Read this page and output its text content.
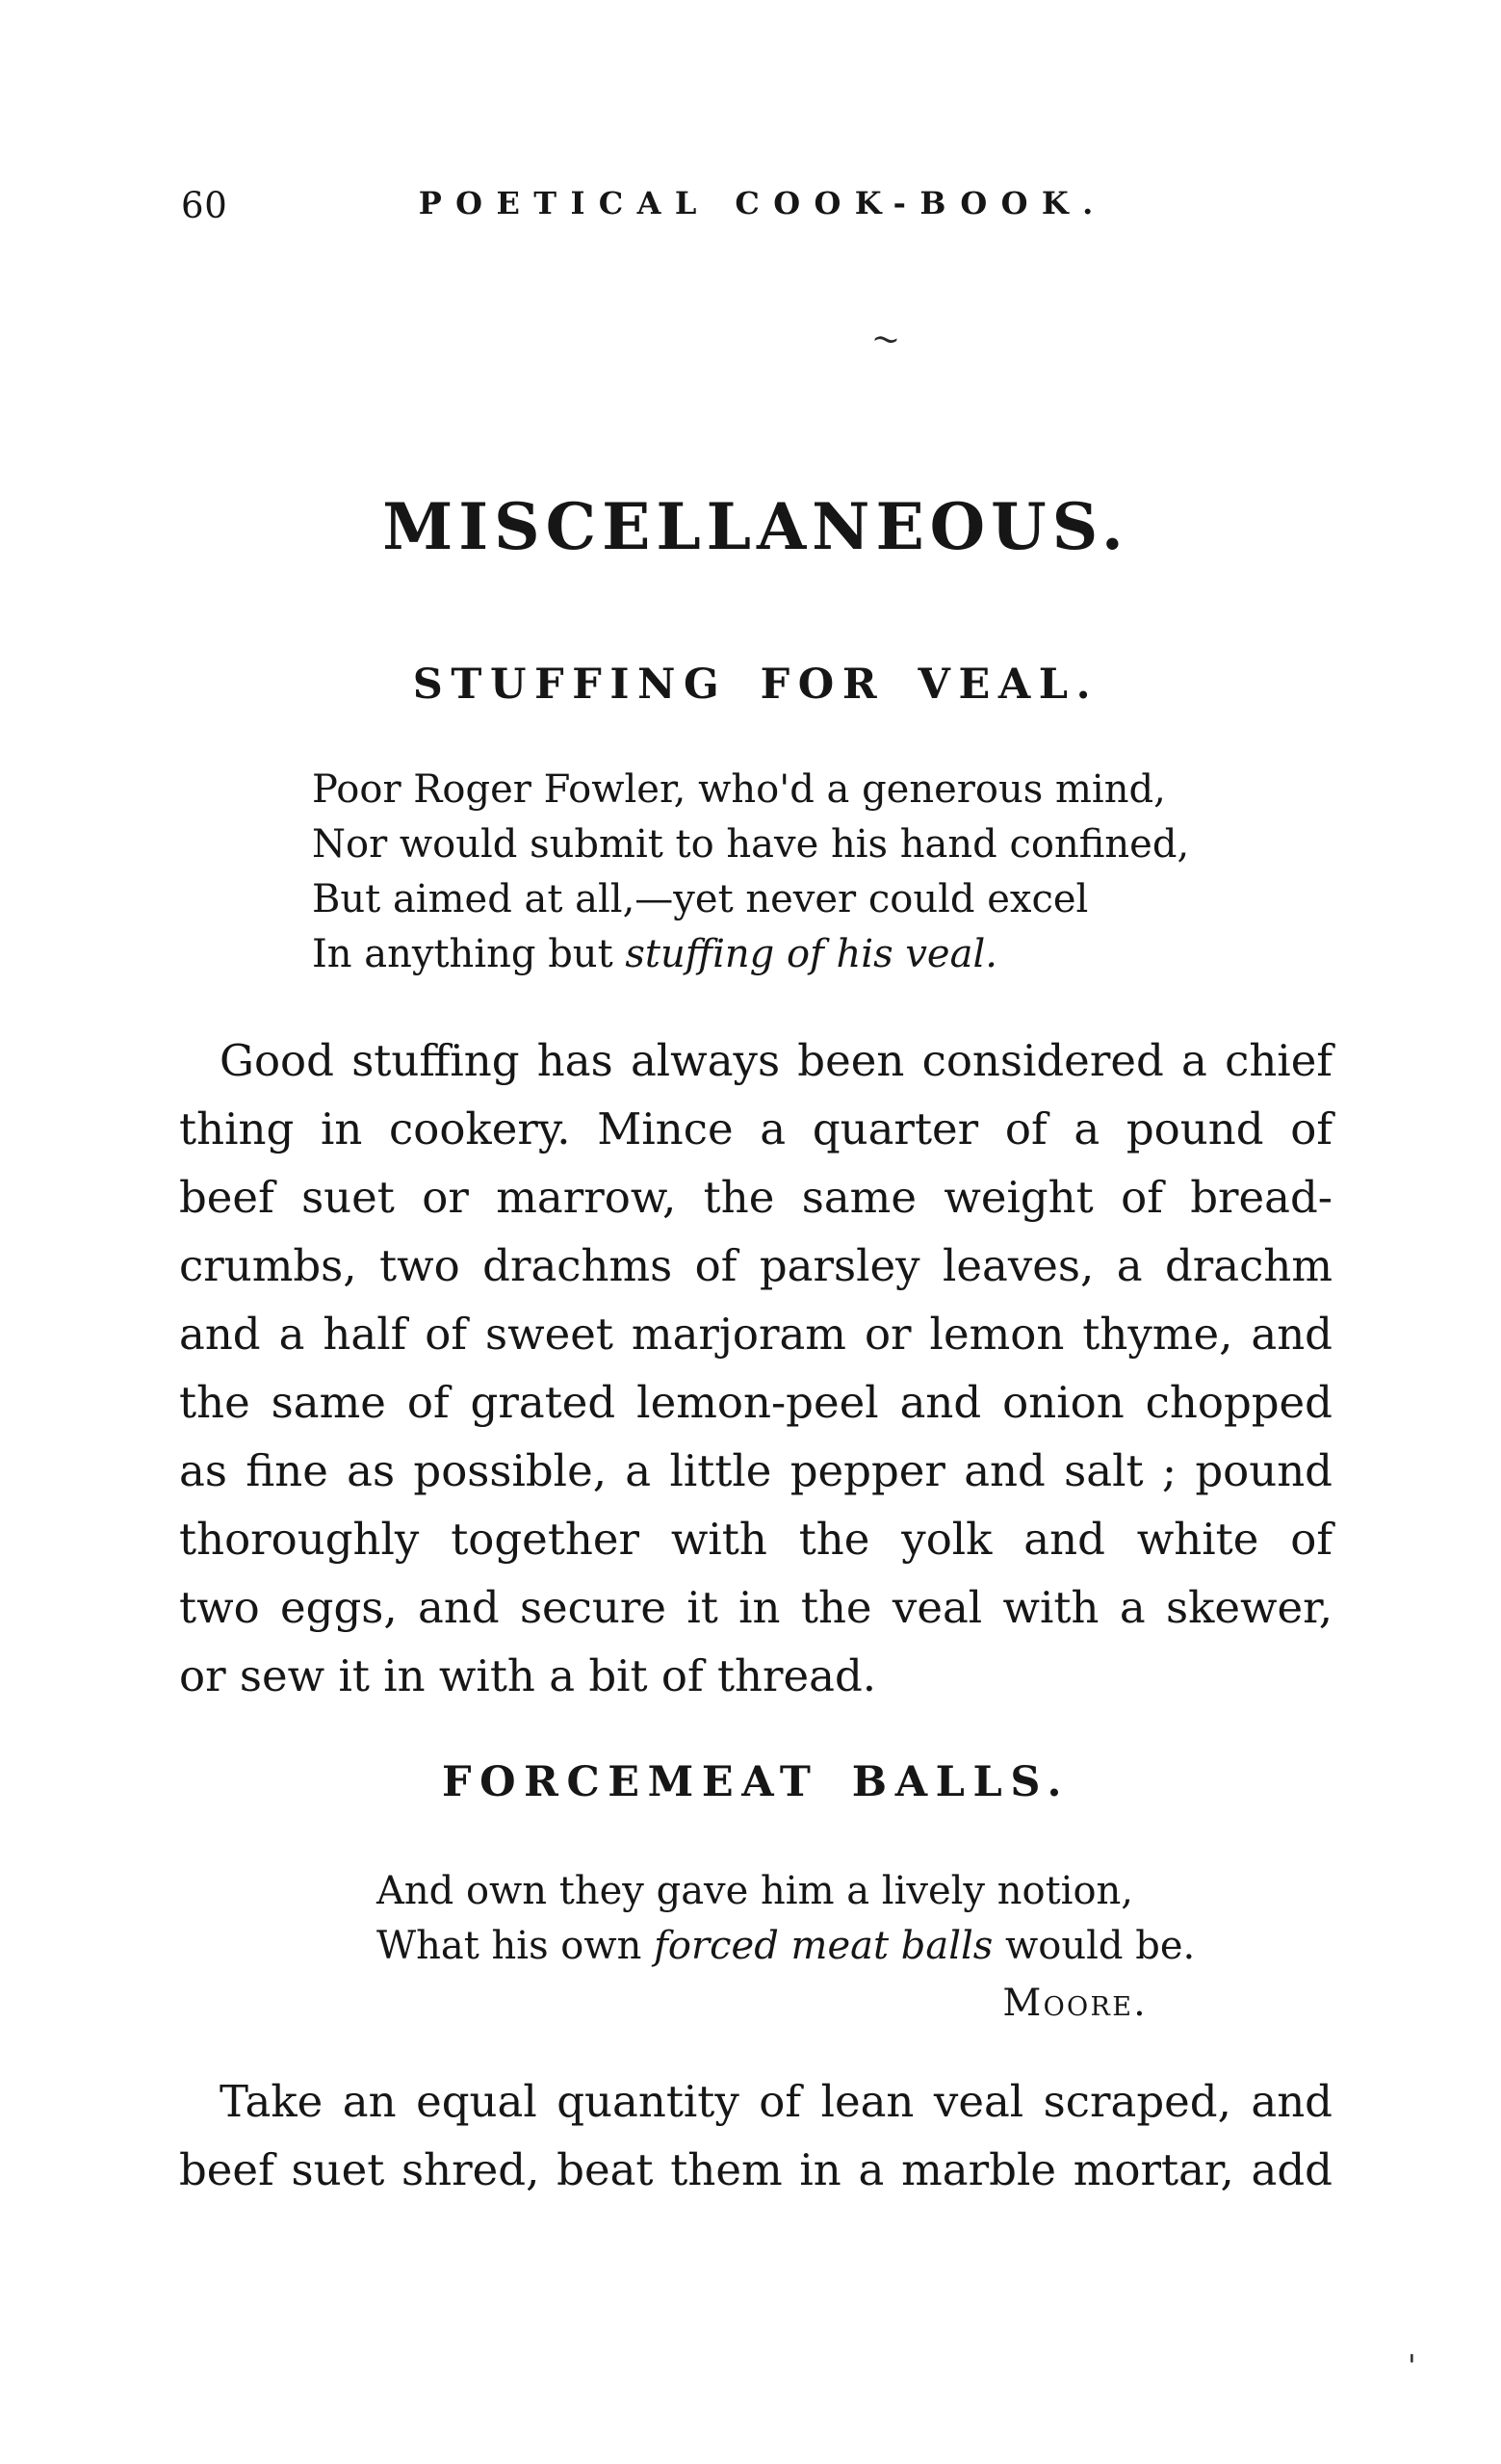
~
60	POETICAL COOK-BOOK.
MISCELLANEOUS.
STUFFING FOR VEAL.
Poor Roger Fowler, who'd a generous mind,
Nor would submit to have his hand confined,
But aimed at all,—yet never could excel
In anything but stuffing of his veal.
Good stuffing has always been considered a chief
thing in cookery. Mince a quarter of a pound of
beef suet or marrow, the same weight of bread-
crumbs, two drachms of parsley leaves, a drachm
and a half of sweet marjoram or lemon thyme, and
the same of grated lemon-peel and onion chopped
as fine as possible, a little pepper and salt ; pound
thoroughly together with the yolk and white of
two eggs, and secure it in the veal with a skewer,
or sew it in with a bit of thread.
FORCEMEAT BALLS.
And own they gave him a lively notion,
What his own forced meat balls would be.
Moore.
Take an equal quantity of lean veal scraped, and
beef suet shred, beat them in a marble mortar, add
'
